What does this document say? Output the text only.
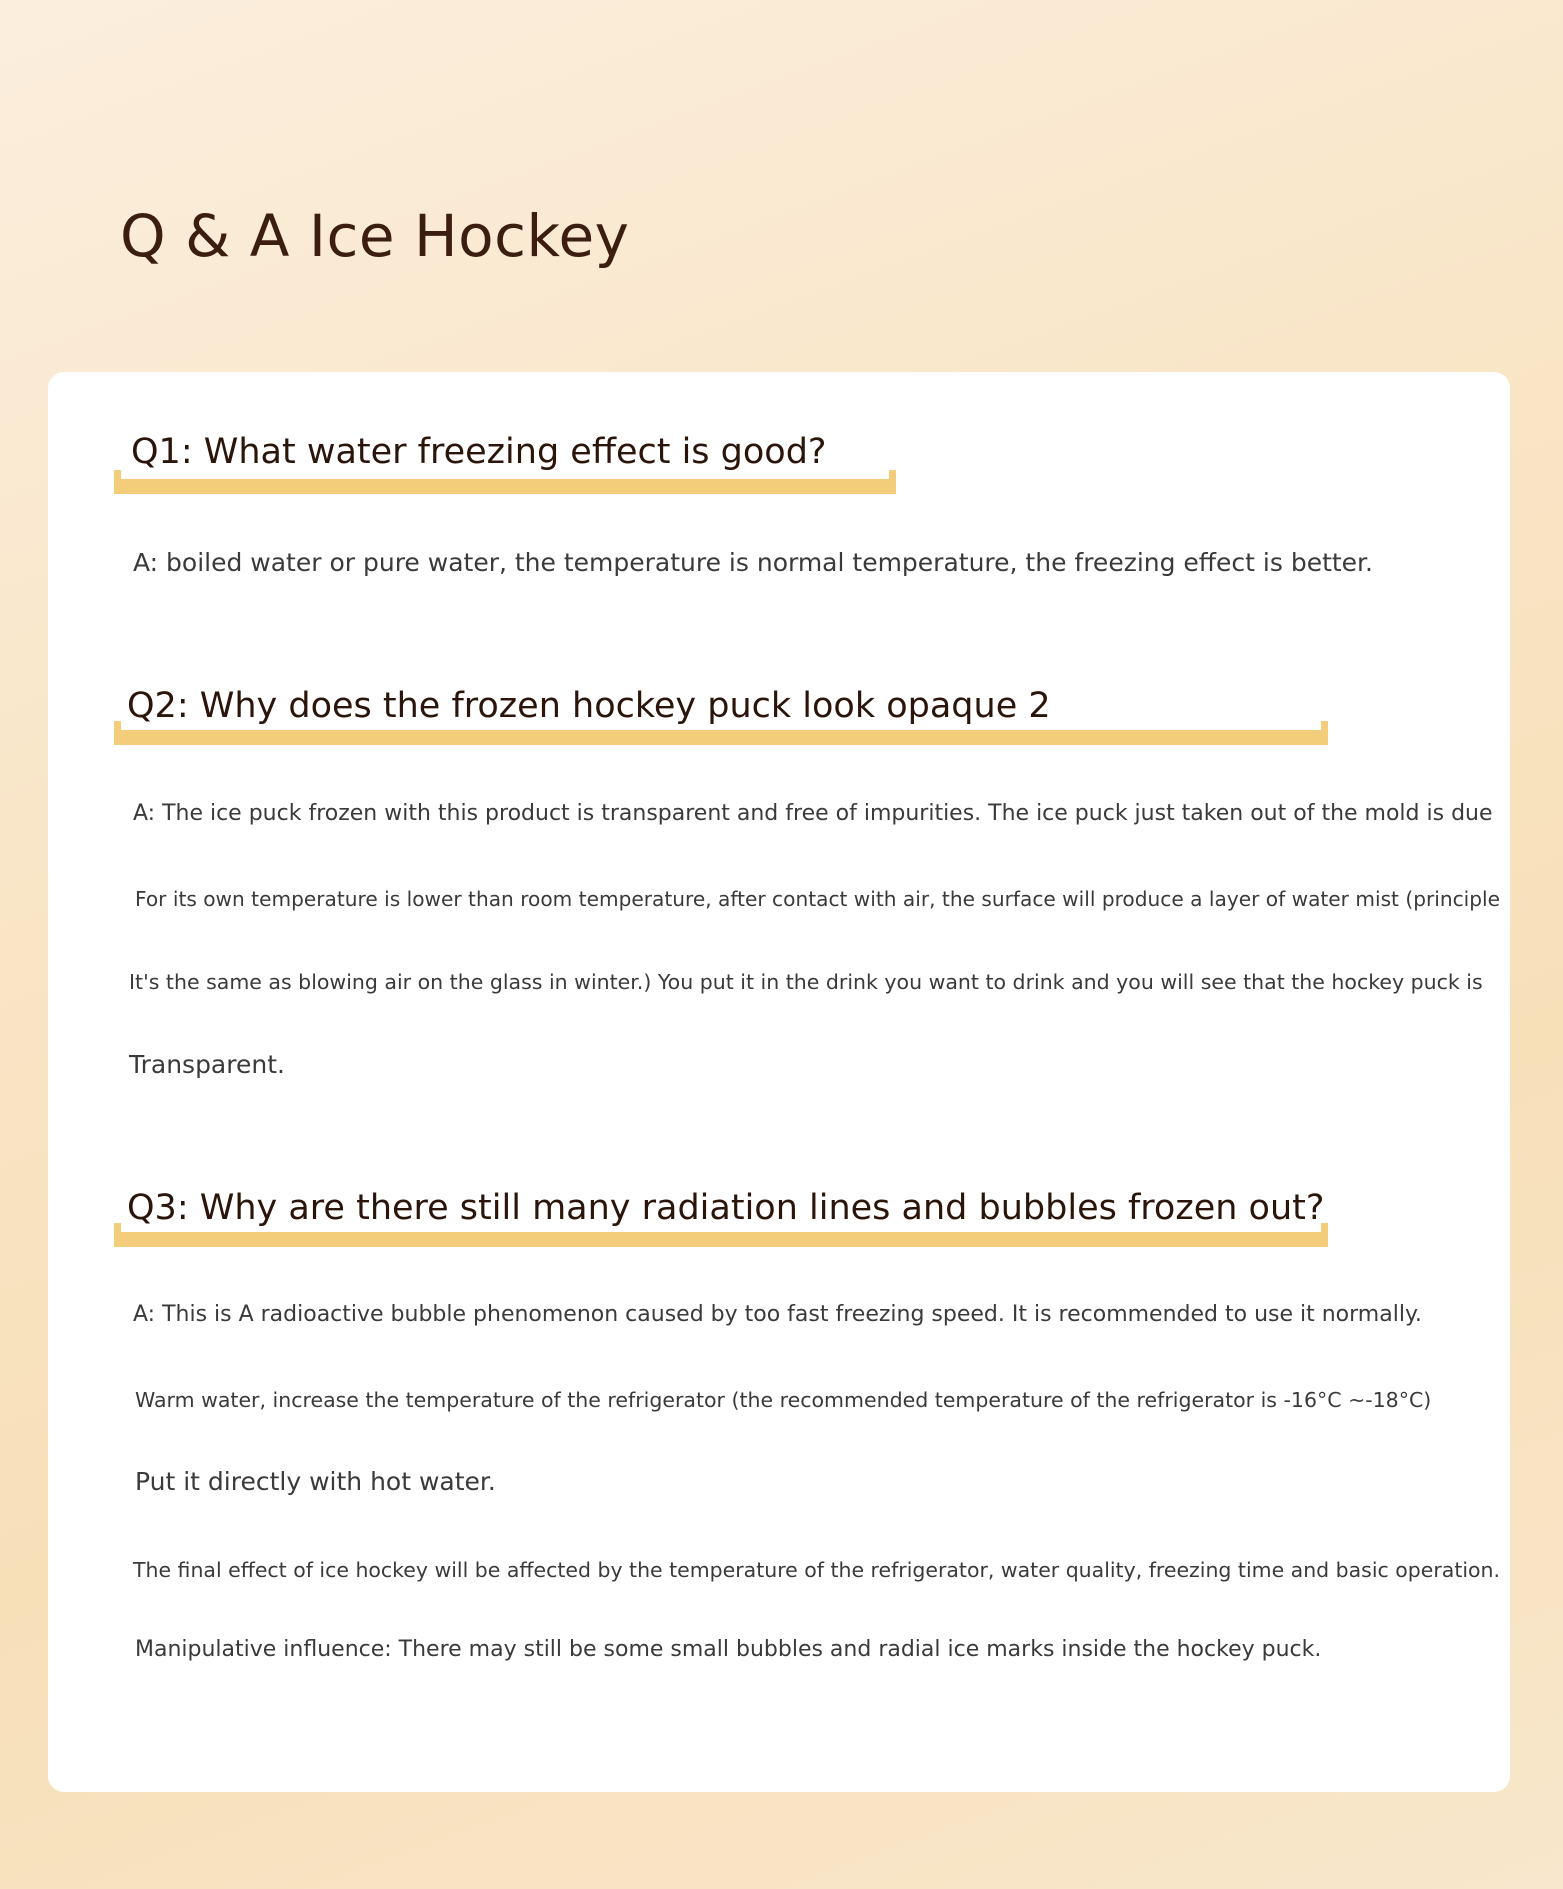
Q & A Ice Hockey
Q1: What water freezing effect is good?

A: boiled water or pure water, the temperature is normal temperature, the freezing effect is better.

Q2: Why does the frozen hockey puck look opaque 2

A: The ice puck frozen with this product is transparent and free of impurities. The ice puck just taken out of the mold is due

For its own temperature is lower than room temperature, after contact with air, the surface will produce a layer of water mist (principle

It's the same as blowing air on the glass in winter.) You put it in the drink you want to drink and you will see that the hockey puck is

Transparent.

Q3: Why are there still many radiation lines and bubbles frozen out?

A: This is A radioactive bubble phenomenon caused by too fast freezing speed. It is recommended to use it normally.

Warm water, increase the temperature of the refrigerator (the recommended temperature of the refrigerator is -16°C ~-18°C)

Put it directly with hot water.

The final effect of ice hockey will be affected by the temperature of the refrigerator, water quality, freezing time and basic operation.

Manipulative influence: There may still be some small bubbles and radial ice marks inside the hockey puck.
